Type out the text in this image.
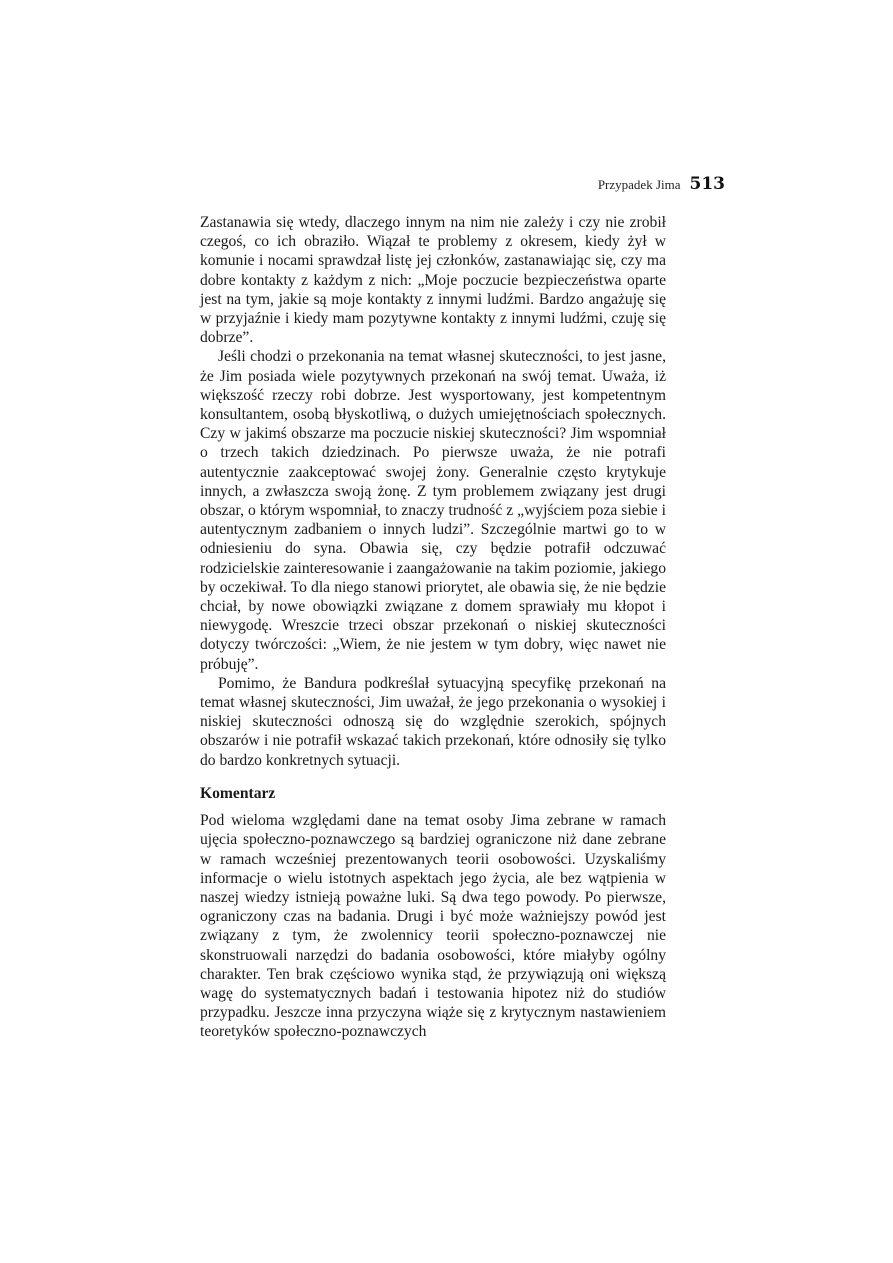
Przypadek Jima 513

Zastanawia się wtedy, dlaczego innym na nim nie zależy i czy nie zrobił czegoś, co ich obraziło. Wiązał te problemy z okresem, kiedy żył w komunie i nocami sprawdzał listę jej członków, zastanawiając się, czy ma dobre kontakty z każdym z nich: „Moje poczucie bezpieczeństwa oparte jest na tym, jakie są moje kontakty z innymi ludźmi. Bardzo angażuję się w przyjaźnie i kiedy mam pozytywne kontakty z innymi ludźmi, czuję się dobrze”.

Jeśli chodzi o przekonania na temat własnej skuteczności, to jest jasne, że Jim posiada wiele pozytywnych przekonań na swój temat. Uważa, iż większość rzeczy robi dobrze. Jest wysportowany, jest kompetentnym konsultantem, osobą błyskotliwą, o dużych umiejętnościach społecznych. Czy w jakimś obszarze ma poczucie niskiej skuteczności? Jim wspomniał o trzech takich dziedzinach. Po pierwsze uważa, że nie potrafi autentycznie zaakceptować swojej żony. Generalnie często krytykuje innych, a zwłaszcza swoją żonę. Z tym problemem związany jest drugi obszar, o którym wspomniał, to znaczy trudność z „wyjściem poza siebie i autentycznym zadbaniem o innych ludzi”. Szczególnie martwi go to w odniesieniu do syna. Obawia się, czy będzie potrafił odczuwać rodzicielskie zainteresowanie i zaangażowanie na takim poziomie, jakiego by oczekiwał. To dla niego stanowi priorytet, ale obawia się, że nie będzie chciał, by nowe obowiązki związane z domem sprawiały mu kłopot i niewygodę. Wreszcie trzeci obszar przekonań o niskiej skuteczności dotyczy twórczości: „Wiem, że nie jestem w tym dobry, więc nawet nie próbuję”.

Pomimo, że Bandura podkreślał sytuacyjną specyfikę przekonań na temat własnej skuteczności, Jim uważał, że jego przekonania o wysokiej i niskiej skuteczności odnoszą się do względnie szerokich, spójnych obszarów i nie potrafił wskazać takich przekonań, które odnosiły się tylko do bardzo konkretnych sytuacji.

Komentarz

Pod wieloma względami dane na temat osoby Jima zebrane w ramach ujęcia społeczno-poznawczego są bardziej ograniczone niż dane zebrane w ramach wcześniej prezentowanych teorii osobowości. Uzyskaliśmy informacje o wielu istotnych aspektach jego życia, ale bez wątpienia w naszej wiedzy istnieją poważne luki. Są dwa tego powody. Po pierwsze, ograniczony czas na badania. Drugi i być może ważniejszy powód jest związany z tym, że zwolennicy teorii społeczno-poznawczej nie skonstruowali narzędzi do badania osobowości, które miałyby ogólny charakter. Ten brak częściowo wynika stąd, że przywiązują oni większą wagę do systematycznych badań i testowania hipotez niż do studiów przypadku. Jeszcze inna przyczyna wiąże się z krytycznym nastawieniem teoretyków społeczno-poznawczych
